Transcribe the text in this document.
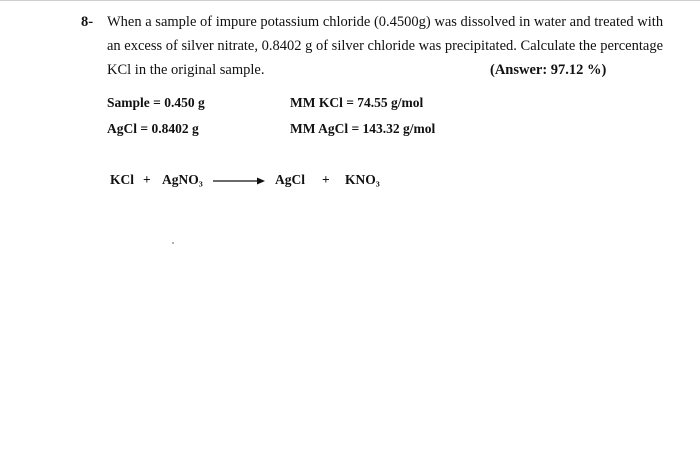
8- When a sample of impure potassium chloride (0.4500g) was dissolved in water and treated with
an excess of silver nitrate, 0.8402 g of silver chloride was precipitated. Calculate the percentage
KCl in the original sample.	(Answer: 97.12 %)
Sample = 0.450 g
AgCl = 0.8402 g
MM KCl = 74.55 g/mol
MM AgCl = 143.32 g/mol
KCl + AgNO₃ → AgCl + KNO₃
